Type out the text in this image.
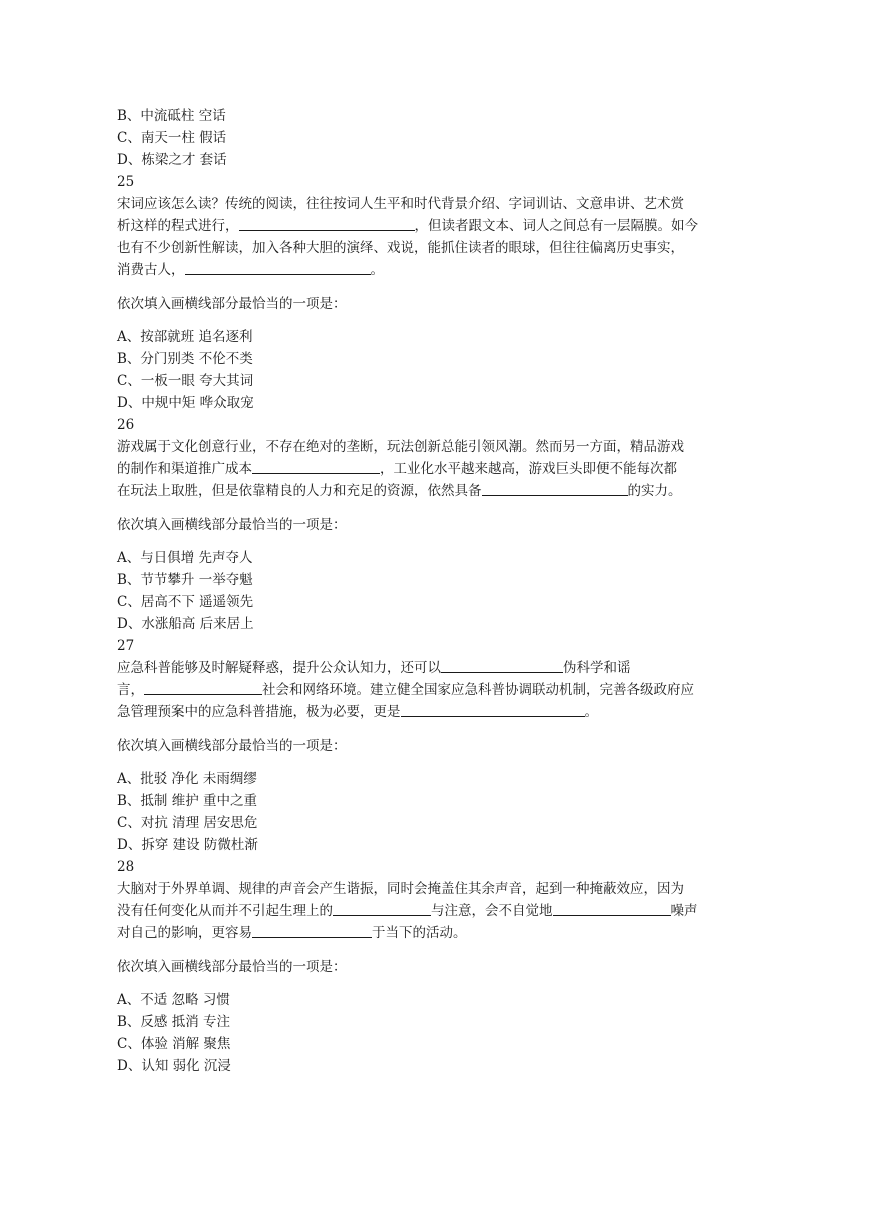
B、中流砥柱 空话
C、南天一柱 假话
D、栋梁之才 套话
25
宋词应该怎么读？传统的阅读，往往按词人生平和时代背景介绍、字词训诂、文意串讲、艺术赏
析这样的程式进行，	，但读者跟文本、词人之间总有一层隔膜。如今
也有不少创新性解读，加入各种大胆的演绎、戏说，能抓住读者的眼球，但往往偏离历史事实，
消费古人，	。
依次填入画横线部分最恰当的一项是：
A、按部就班 追名逐利
B、分门别类 不伦不类
C、一板一眼 夸大其词
D、中规中矩 哗众取宠
26
游戏属于文化创意行业，不存在绝对的垄断，玩法创新总能引领风潮。然而另一方面，精品游戏
的制作和渠道推广成本	，工业化水平越来越高，游戏巨头即便不能每次都
在玩法上取胜，但是依靠精良的人力和充足的资源，依然具备	的实力。
依次填入画横线部分最恰当的一项是：
A、与日俱增 先声夺人
B、节节攀升 一举夺魁
C、居高不下 遥遥领先
D、水涨船高 后来居上
27
应急科普能够及时解疑释惑，提升公众认知力，还可以	伪科学和谣
言，	社会和网络环境。建立健全国家应急科普协调联动机制，完善各级政府应
急管理预案中的应急科普措施，极为必要，更是	。
依次填入画横线部分最恰当的一项是：
A、批驳 净化 未雨绸缪
B、抵制 维护 重中之重
C、对抗 清理 居安思危
D、拆穿 建设 防微杜渐
28
大脑对于外界单调、规律的声音会产生谐振，同时会掩盖住其余声音，起到一种掩蔽效应，因为
没有任何变化从而并不引起生理上的	与注意，会不自觉地	噪声
对自己的影响，更容易	于当下的活动。
依次填入画横线部分最恰当的一项是：
A、不适 忽略 习惯
B、反感 抵消 专注
C、体验 消解 聚焦
D、认知 弱化 沉浸
